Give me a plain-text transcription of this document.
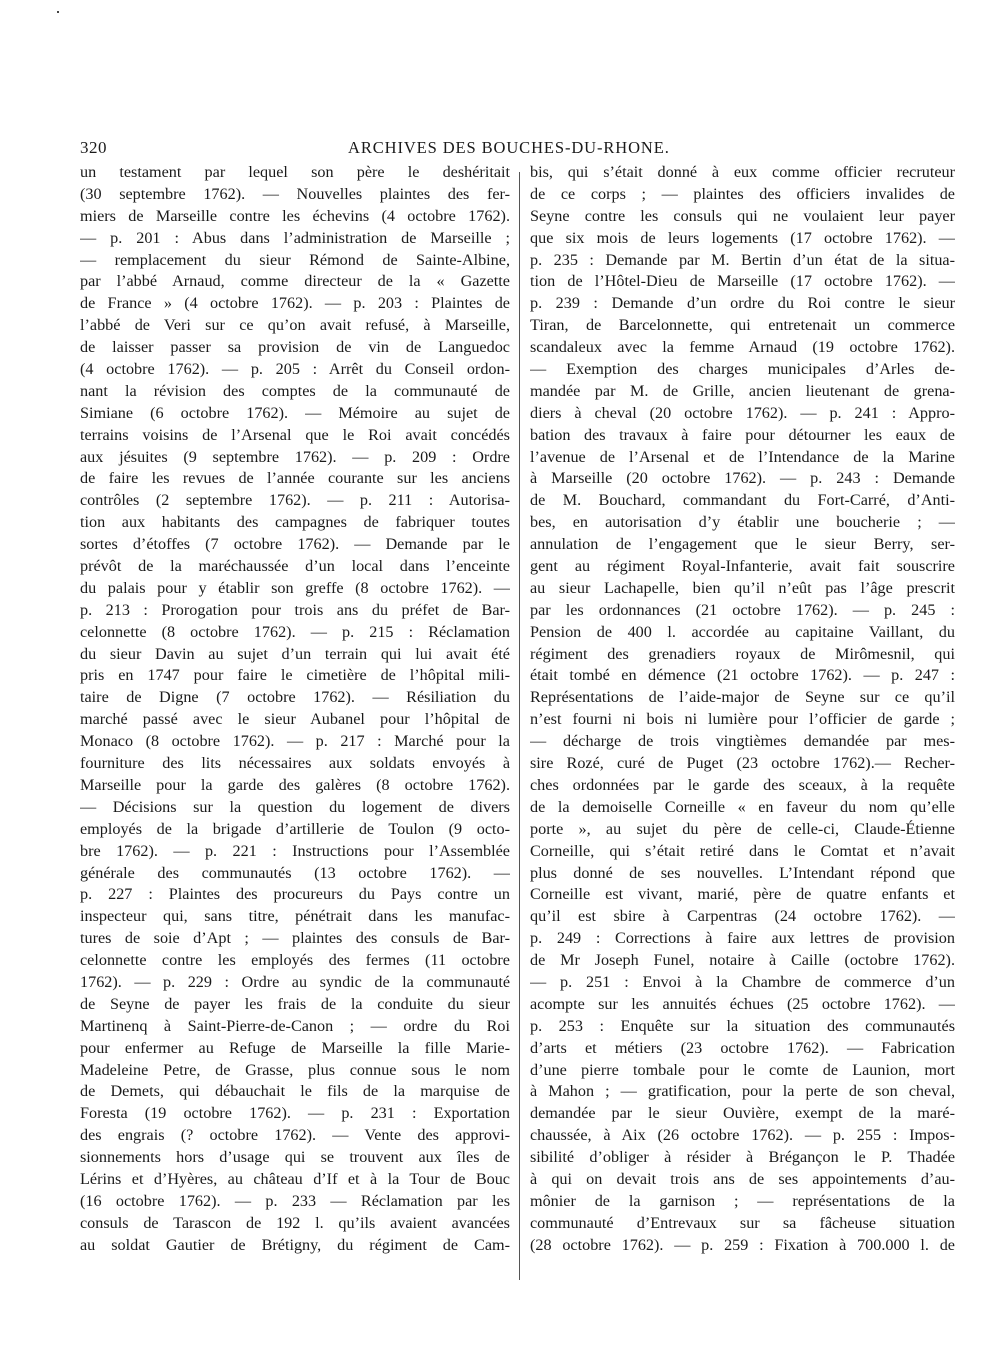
320	ARCHIVES DES BOUCHES-DU-RHONE.
un testament par lequel son père le deshéritait
(30 septembre 1762). — Nouvelles plaintes des fer-
miers de Marseille contre les échevins (4 octobre 1762).
— p. 201 : Abus dans l’administration de Marseille ;
— remplacement du sieur Rémond de Sainte-Albine,
par l’abbé Arnaud, comme directeur de la « Gazette
de France » (4 octobre 1762). — p. 203 : Plaintes de
l’abbé de Veri sur ce qu’on avait refusé, à Marseille,
de laisser passer sa provision de vin de Languedoc
(4 octobre 1762). — p. 205 : Arrêt du Conseil ordon-
nant la révision des comptes de la communauté de
Simiane (6 octobre 1762). — Mémoire au sujet de
terrains voisins de l’Arsenal que le Roi avait concédés
aux jésuites (9 septembre 1762). — p. 209 : Ordre
de faire les revues de l’année courante sur les anciens
contrôles (2 septembre 1762). — p. 211 : Autorisa-
tion aux habitants des campagnes de fabriquer toutes
sortes d’étoffes (7 octobre 1762). — Demande par le
prévôt de la maréchaussée d’un local dans l’enceinte
du palais pour y établir son greffe (8 octobre 1762). —
p. 213 : Prorogation pour trois ans du préfet de Bar-
celonnette (8 octobre 1762). — p. 215 : Réclamation
du sieur Davin au sujet d’un terrain qui lui avait été
pris en 1747 pour faire le cimetière de l’hôpital mili-
taire de Digne (7 octobre 1762). — Résiliation du
marché passé avec le sieur Aubanel pour l’hôpital de
Monaco (8 octobre 1762). — p. 217 : Marché pour la
fourniture des lits nécessaires aux soldats envoyés à
Marseille pour la garde des galères (8 octobre 1762).
— Décisions sur la question du logement de divers
employés de la brigade d’artillerie de Toulon (9 octo-
bre 1762). — p. 221 : Instructions pour l’Assemblée
générale des communautés (13 octobre 1762). —
p. 227 : Plaintes des procureurs du Pays contre un
inspecteur qui, sans titre, pénétrait dans les manufac-
tures de soie d’Apt ; — plaintes des consuls de Bar-
celonnette contre les employés des fermes (11 octobre
1762). — p. 229 : Ordre au syndic de la communauté
de Seyne de payer les frais de la conduite du sieur
Martinenq à Saint-Pierre-de-Canon ; — ordre du Roi
pour enfermer au Refuge de Marseille la fille Marie-
Madeleine Petre, de Grasse, plus connue sous le nom
de Demets, qui débauchait le fils de la marquise de
Foresta (19 octobre 1762). — p. 231 : Exportation
des engrais (? octobre 1762). — Vente des approvi-
sionnements hors d’usage qui se trouvent aux îles de
Lérins et d’Hyères, au château d’If et à la Tour de Bouc
(16 octobre 1762). — p. 233 — Réclamation par les
consuls de Tarascon de 192 l. qu’ils avaient avancées
au soldat Gautier de Brétigny, du régiment de Cam-
bis, qui s’était donné à eux comme officier recruteur
de ce corps ; — plaintes des officiers invalides de
Seyne contre les consuls qui ne voulaient leur payer
que six mois de leurs logements (17 octobre 1762). —
p. 235 : Demande par M. Bertin d’un état de la situa-
tion de l’Hôtel-Dieu de Marseille (17 octobre 1762). —
p. 239 : Demande d’un ordre du Roi contre le sieur
Tiran, de Barcelonnette, qui entretenait un commerce
scandaleux avec la femme Arnaud (19 octobre 1762).
— Exemption des charges municipales d’Arles de-
mandée par M. de Grille, ancien lieutenant de grena-
diers à cheval (20 octobre 1762). — p. 241 : Appro-
bation des travaux à faire pour détourner les eaux de
l’avenue de l’Arsenal et de l’Intendance de la Marine
à Marseille (20 octobre 1762). — p. 243 : Demande
de M. Bouchard, commandant du Fort-Carré, d’Anti-
bes, en autorisation d’y établir une boucherie ; —
annulation de l’engagement que le sieur Berry, ser-
gent au régiment Royal-Infanterie, avait fait souscrire
au sieur Lachapelle, bien qu’il n’eût pas l’âge prescrit
par les ordonnances (21 octobre 1762). — p. 245 :
Pension de 400 l. accordée au capitaine Vaillant, du
régiment des grenadiers royaux de Mirômesnil, qui
était tombé en démence (21 octobre 1762). — p. 247 :
Représentations de l’aide-major de Seyne sur ce qu’il
n’est fourni ni bois ni lumière pour l’officier de garde ;
— décharge de trois vingtièmes demandée par mes-
sire Rozé, curé de Puget (23 octobre 1762).— Recher-
ches ordonnées par le garde des sceaux, à la requête
de la demoiselle Corneille « en faveur du nom qu’elle
porte », au sujet du père de celle-ci, Claude-Étienne
Corneille, qui s’était retiré dans le Comtat et n’avait
plus donné de ses nouvelles. L’Intendant répond que
Corneille est vivant, marié, père de quatre enfants et
qu’il est sbire à Carpentras (24 octobre 1762). —
p. 249 : Corrections à faire aux lettres de provision
de Mr Joseph Funel, notaire à Caille (octobre 1762).
— p. 251 : Envoi à la Chambre de commerce d’un
acompte sur les annuités échues (25 octobre 1762). —
p. 253 : Enquête sur la situation des communautés
d’arts et métiers (23 octobre 1762). — Fabrication
d’une pierre tombale pour le comte de Launion, mort
à Mahon ; — gratification, pour la perte de son cheval,
demandée par le sieur Ouvière, exempt de la maré-
chaussée, à Aix (26 octobre 1762). — p. 255 : Impos-
sibilité d’obliger à résider à Brégançon le P. Thadée
à qui on devait trois ans de ses appointements d’au-
mônier de la garnison ; — représentations de la
communauté d’Entrevaux sur sa fâcheuse situation
(28 octobre 1762). — p. 259 : Fixation à 700.000 l. de
